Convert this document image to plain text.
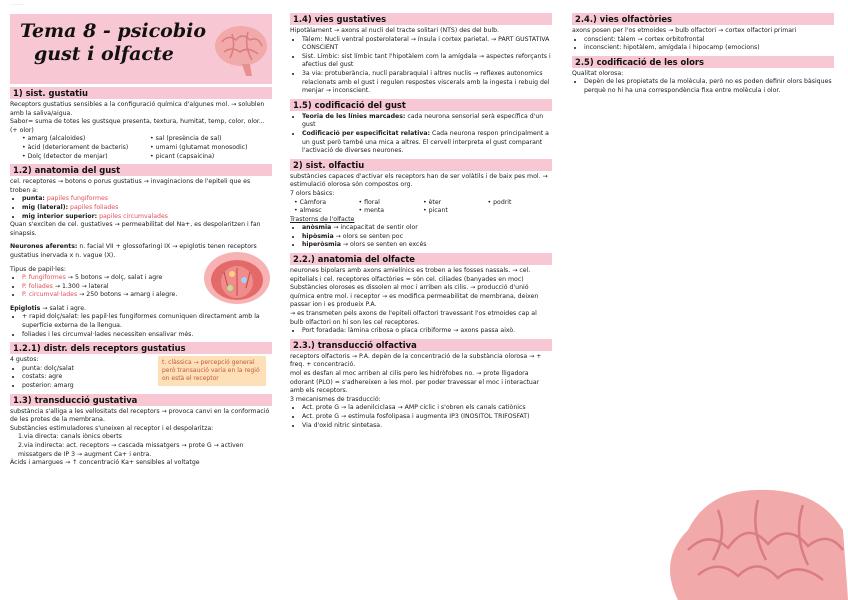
·········
Tema 8 - psicobio
gust i olfacte
1) sist. gustatiu

Receptors gustatius sensibles a la configuració química d'algunes mol. → solublen amb la saliva/aigua.

Sabor= suma de totes les gustsque presenta, textura, humitat, temp, color, olor... (+ olor)

• amarg (alcaloides)	• sal (presència de sal)
• àcid (deteriorament de bacteris)	• umami (glutamat monosodic)
• Dolç (detector de menjar)	• picant (capsaicina)
1.2) anatomia del gust

cel. receptores → botons o porus gustatius → invaginacions de l'epiteli que es troben a:

• punta: papiles fungiformes
• mig (lateral): papiles foliades
• mig interior superior: papiles circumvalades

Quan s'exciten de cel. gustatives → permeabilitat del Na+, es despolaritzen i fan sinapsis.

Neurones aferents: n. facial VII + glossofaringi IX → epiglotis tenen receptors gustatius inervada x n. vague (X).

Tipus de papil·les:

• P. fungiformes → 5 botons → dolç, salat i agre
• P. foliades → 1.300 → lateral
• P. circumval·lades → 250 botons → amarg i alegre.

Epiglotis → salat i agre.

• + rapid dolç/salat: les papil·les fungiformes comuniquen directament amb la superfície externa de la llengua.
• foliades i les circumval·lades necessiten ensalivar més.
1.2.1) distr. dels receptors gustatius

4 gustos:

• punta: dolç/salat
• costats: agre
• posterior: amarg
t. clàssica → percepció general però transaució varia en la regió on està el receptor
1.3) transducció gustativa

substància s'alliga a les vellositats del receptors → provoca canvi en la conformació de les protes de la membrana.

Substàncies estimuladores s'uneixen al receptor i el despolaritza:

1.via directa: canals iònics oberts

2.via indirecta: act. receptors → cascada missatgers → prote G → activen missatgers de IP 3 → augment Ca+ i entra.

Àcids i amargues → ↑ concentració Ka+ sensibles al voltatge

1.4) vies gustatives

Hipotàlament → axons al nucli del tracte solitari (NTS) des del bulb.

• Tàlem: Nucli ventral posterolateral → ínsula i cortex parietal. → PART GUSTATIVA CONSCIENT
• Sist. Límbic: sist límbic tant l'hipotàlem com la amígdala → aspectes reforçants i afectius del gust
• 3a via: protuberància, nuclí parabraquial i altres nuclis → reflexes autonomics relacionats amb el gust i regulen respostes viscerals amb la ingesta i rebuig del menjar → inconscient.
1.5) codificació del gust
• Teoria de les línies marcades: cada neurona sensorial serà específica d'un gust
• Codificació per especificitat relativa: Cada neurona respon principalment a un gust però també una mica a altres. El cervell interpreta el gust comparant l'activació de diverses neurones.
2) sist. olfactiu

substàncies capaces d'activar els receptors han de ser volàtils i de baix pes mol. → estimulació olorosa són compostos org.

7 olors bàsics:

• Càmfora	• floral	• èter	• podrit
• almesc	• menta	• picant

Trastorns de l'olfacte

• anòsmia → incapacitat de sentir olor
• hipòsmia → olors se senten poc
• hiperòsmia → olors se senten en excés
2.2.) anatomia del olfacte

neurones bipolars amb axons amielínics es troben a les fosses nassals. → cel. epitelials i cel. receptores olfactòries = són cel. ciliades (banyades en moc)

Substàncies oloroses es dissolen al moc i arriben als cilis. → producció d'unió química entre mol. i receptor → es modifica permeabilitat de membrana, deixen passar ion i es produeix P.A.

→ es transmeten pels axons de l'epiteli olfactori travessant l'os etmoides cap al bulb olfactori on hi son les cel receptores.

• Port foradada: làmina cribosa o placa cribiforme → axons passa això.
2.3.) transducció olfactiva

receptors olfactoris → P.A. depèn de la concentració de la substància olorosa → + freq. + concentració.

mol es desfan al moc arriben al cilis pero les hidròfobes no. → prote lligadora odorant (PLO) = s'adhereixen a les mol. per poder travessar el moc i interactuar amb els receptors.

3 mecanismes de trasducció:

• Act. prote G → la adenilciclasa → AMP cíclic i s'obren els canals catiònics
• Act. prote G → estimula fosfolipasa i augmenta IP3 (INOSITOL TRIFOSFAT)
• Via d'oxid nitric sintetasa.
2.4.) vies olfactòries

axons posen per l'os etmoides → bulb olfactori → cortex olfactori primari

• conscient: tàlem → cortex orbitofrontal
• inconscient: hipotàlem, amígdala i hipocamp (emocions)
2.5) codificació de les olors

Qualitat olorosa:

• Depèn de les propietats de la molècula, però no es poden definir olors bàsiques perquè no hi ha una correspondència fixa entre molècula i olor.
